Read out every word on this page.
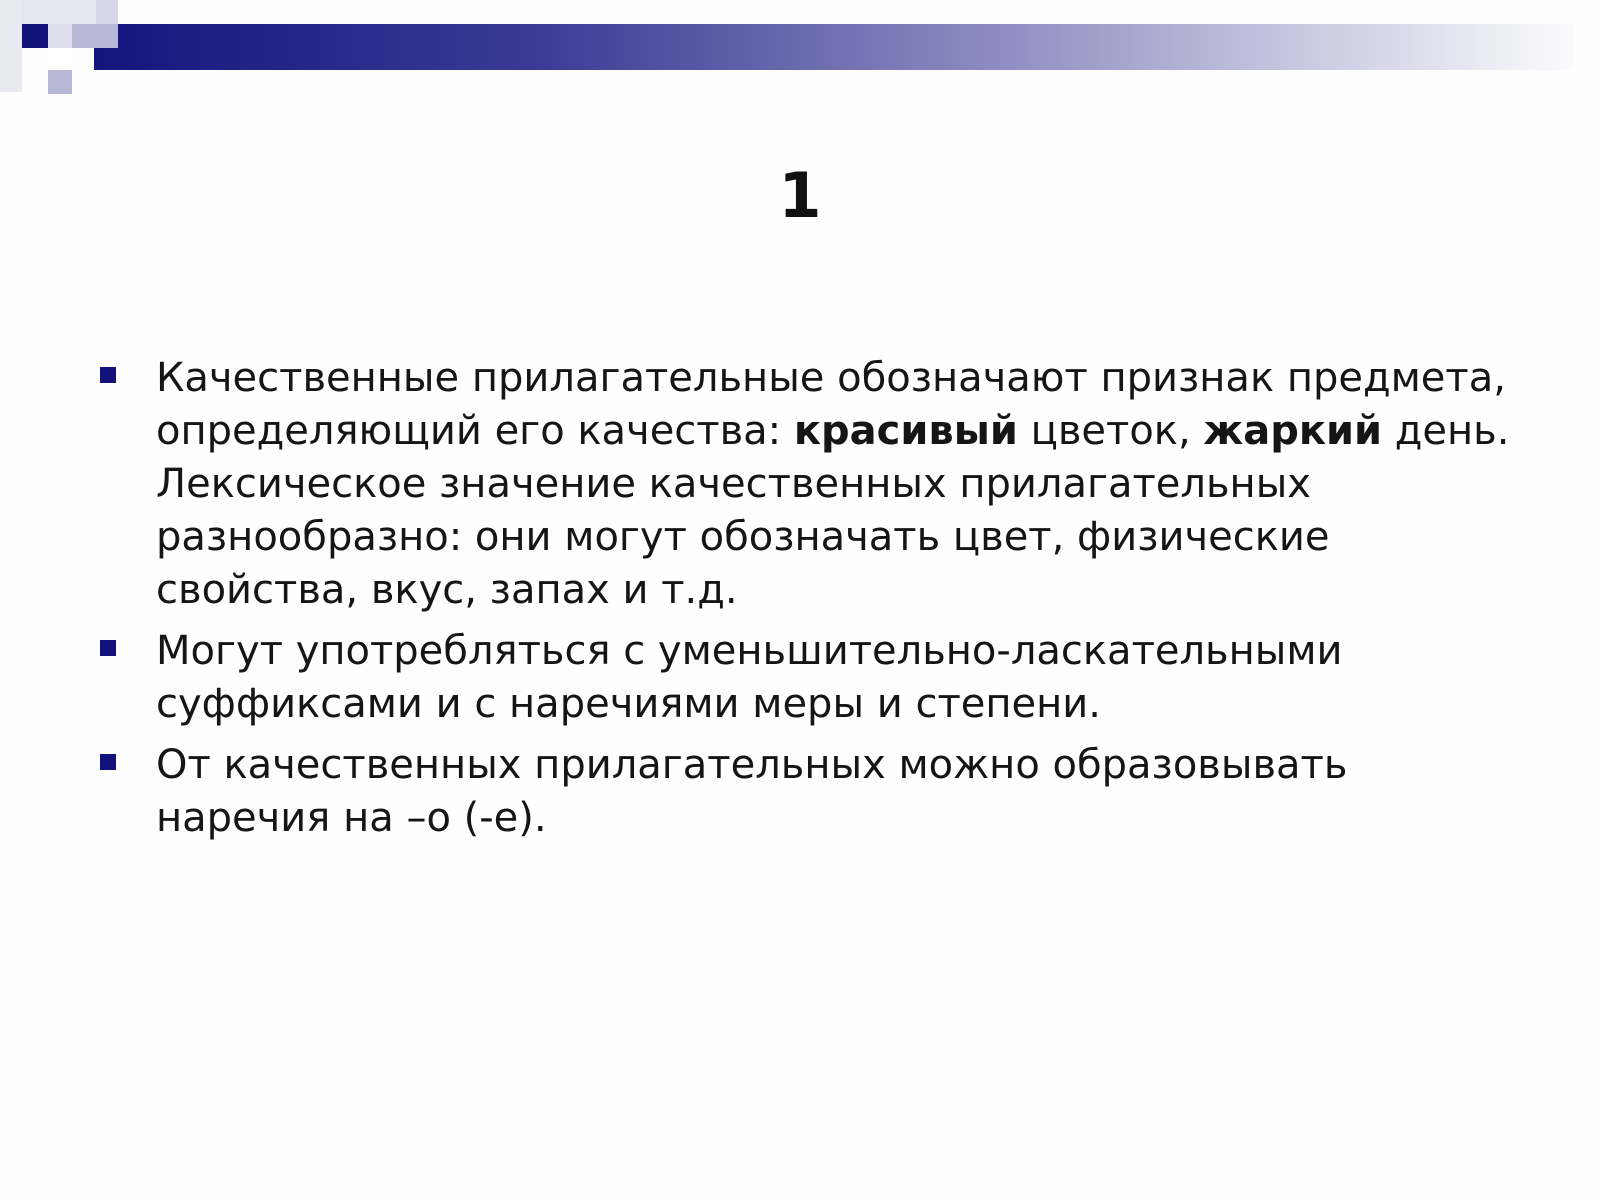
1
Качественные прилагательные обозначают признак предмета, определяющий его качества: красивый цветок, жаркий день. Лексическое значение качественных прилагательных разнообразно: они могут обозначать цвет, физические свойства, вкус, запах и т.д.
Могут употребляться с уменьшительно-ласкательными суффиксами и с наречиями меры и степени.
От качественных прилагательных можно образовывать наречия на –о (-е).
